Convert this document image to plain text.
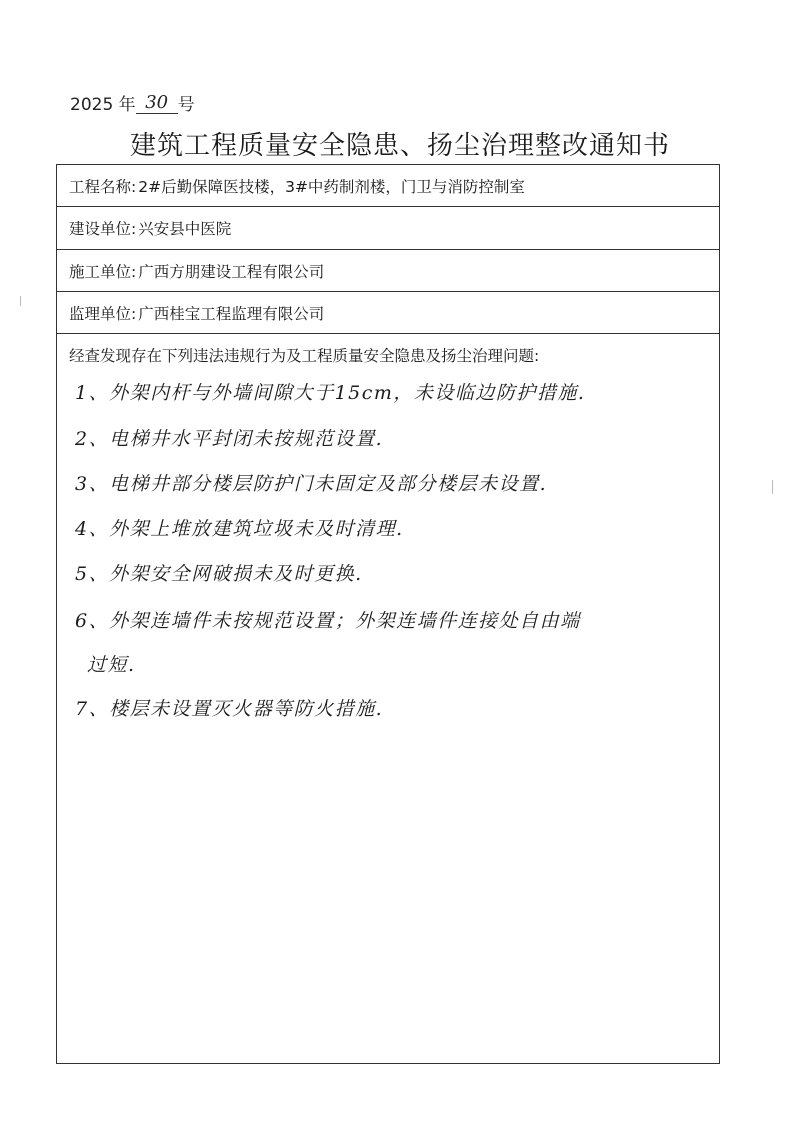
2025 年 30 号
建筑工程质量安全隐患、扬尘治理整改通知书
工程名称: 2#后勤保障医技楼，3#中药制剂楼，门卫与消防控制室
建设单位: 兴安县中医院
施工单位: 广西方朋建设工程有限公司
监理单位: 广西桂宝工程监理有限公司
经查发现存在下列违法违规行为及工程质量安全隐患及扬尘治理问题:
1、外架内杆与外墙间隙大于15cm，未设临边防护措施.
2、电梯井水平封闭未按规范设置.
3、电梯井部分楼层防护门未固定及部分楼层未设置.
4、外架上堆放建筑垃圾未及时清理.
5、外架安全网破损未及时更换.
6、外架连墙件未按规范设置；外架连墙件连接处自由端
过短.
7、楼层未设置灭火器等防火措施.
